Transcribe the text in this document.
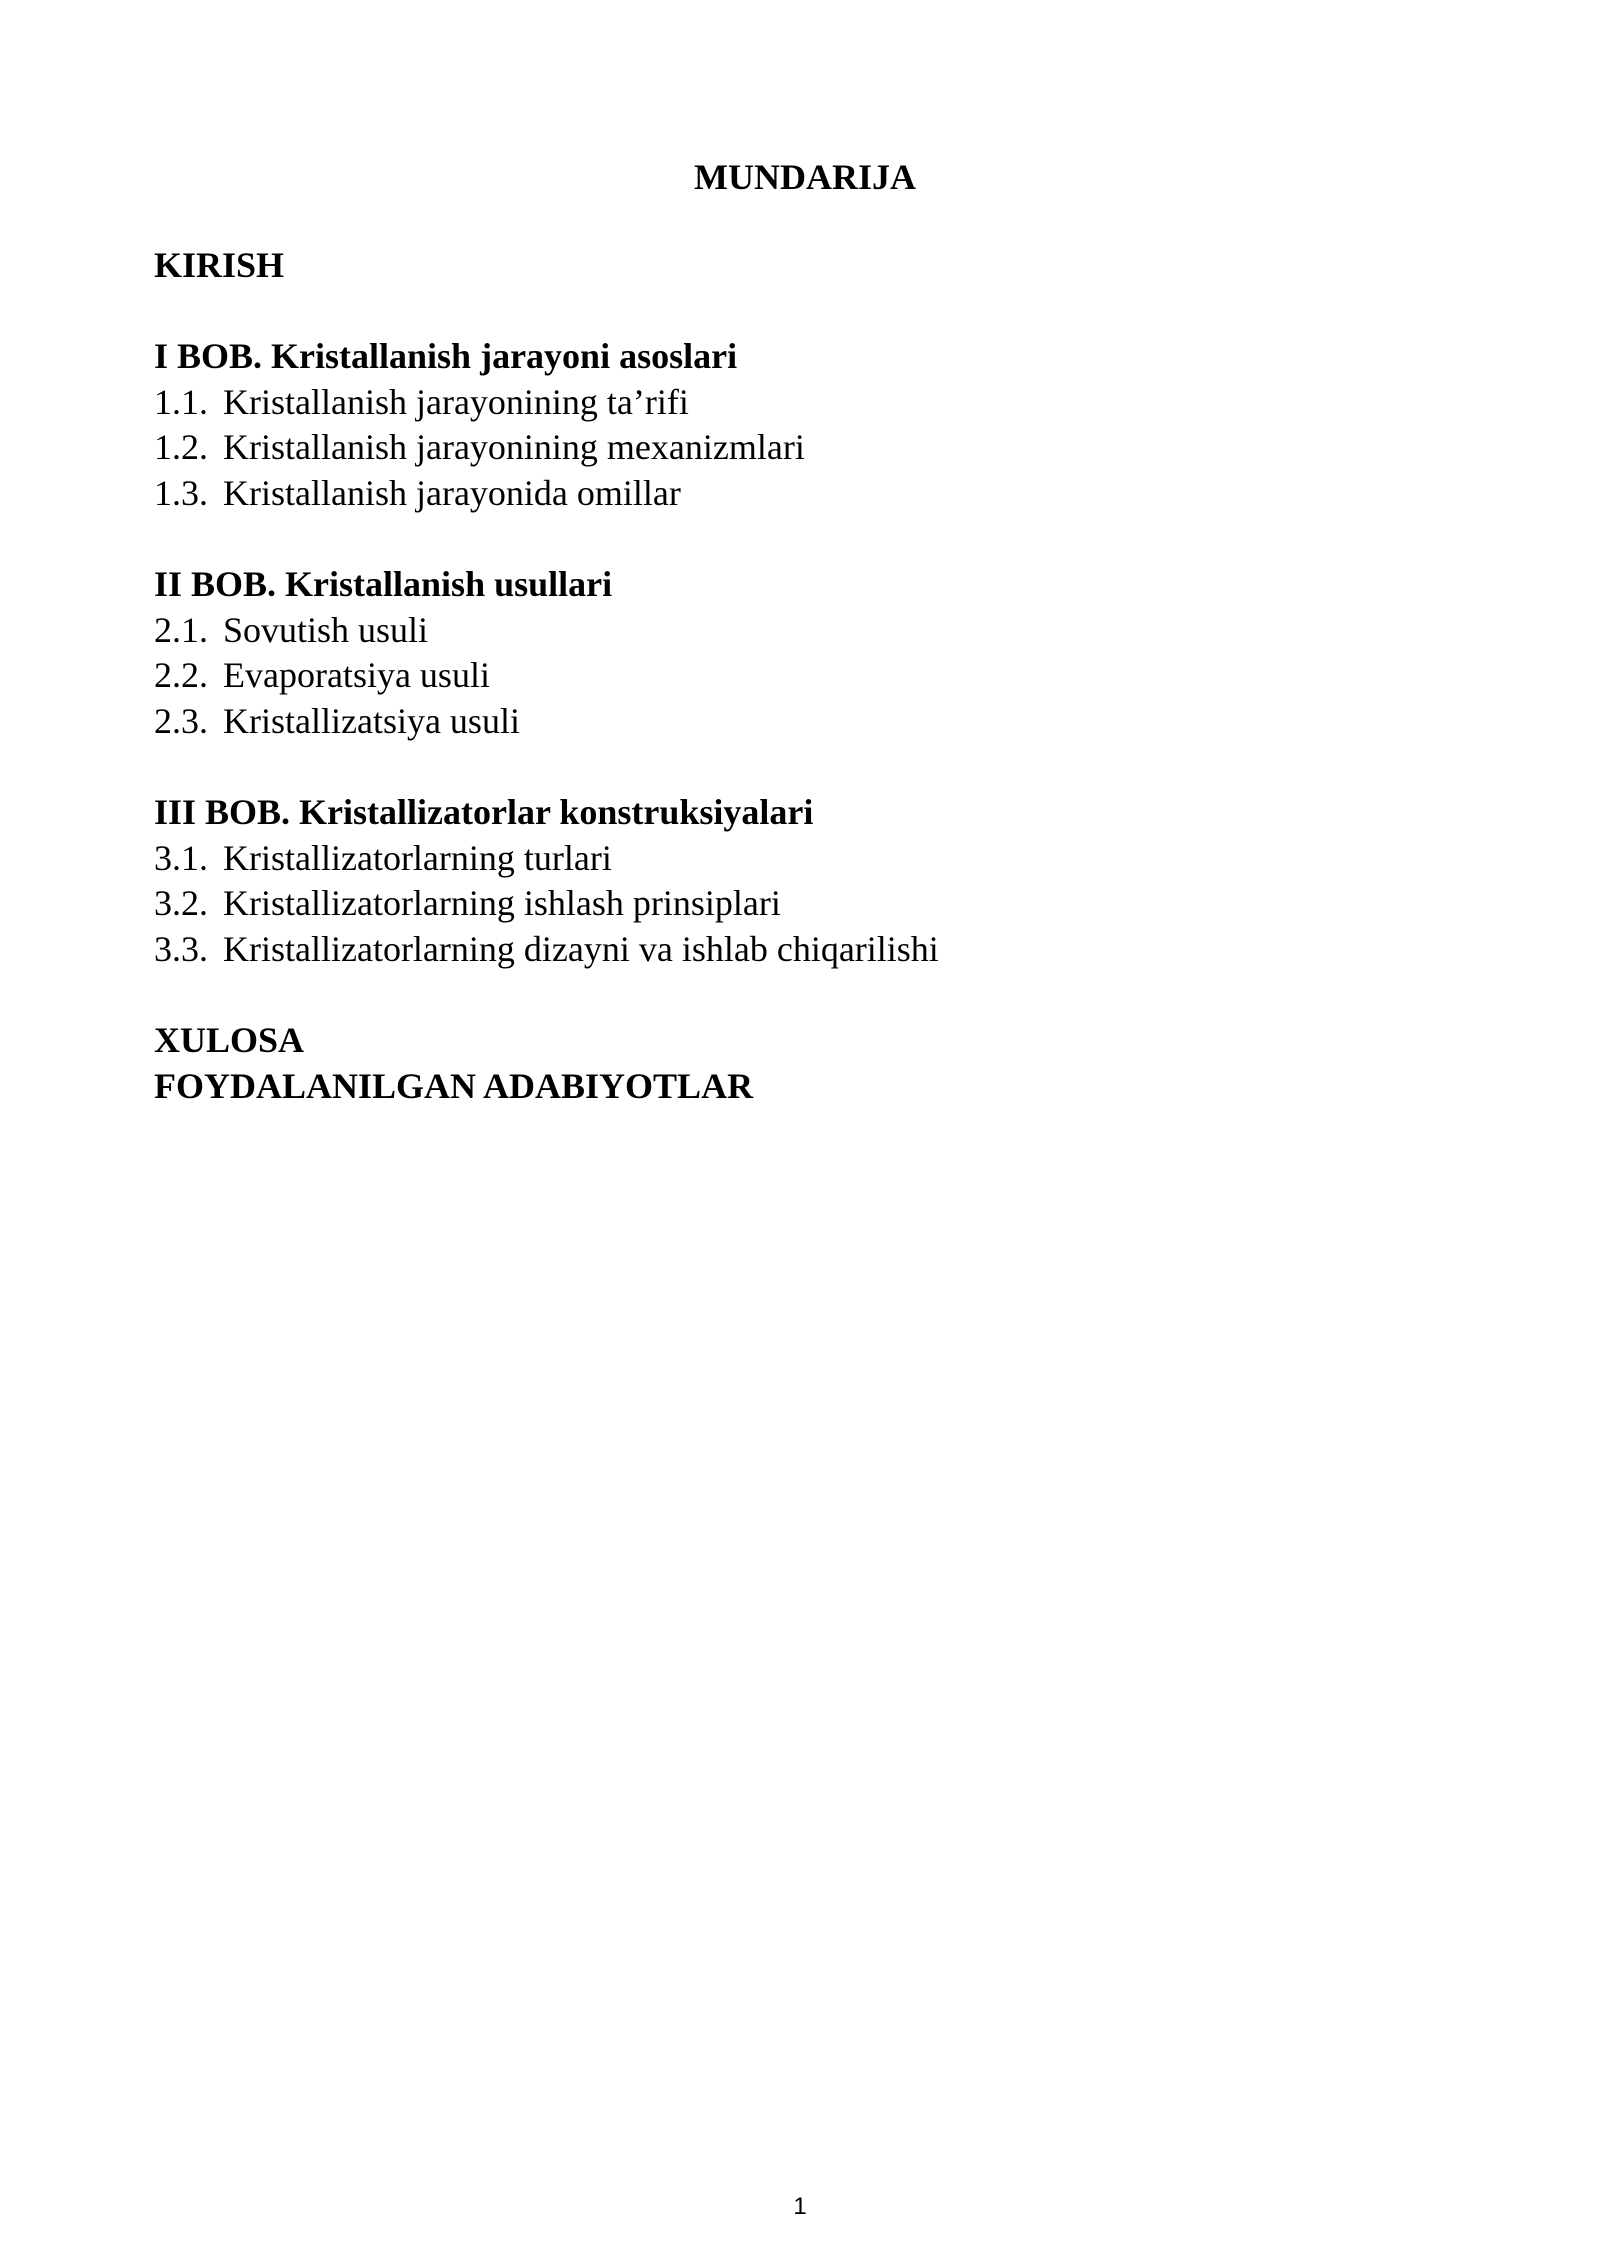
MUNDARIJA
KIRISH
I BOB. Kristallanish jarayoni asoslari
1.1. Kristallanish jarayonining ta’rifi
1.2. Kristallanish jarayonining mexanizmlari
1.3. Kristallanish jarayonida omillar
II BOB. Kristallanish usullari
2.1. Sovutish usuli
2.2. Evaporatsiya usuli
2.3. Kristallizatsiya usuli
III BOB. Kristallizatorlar konstruksiyalari
3.1. Kristallizatorlarning turlari
3.2. Kristallizatorlarning ishlash prinsiplari
3.3. Kristallizatorlarning dizayni va ishlab chiqarilishi
XULOSA
FOYDALANILGAN ADABIYOTLAR
1
